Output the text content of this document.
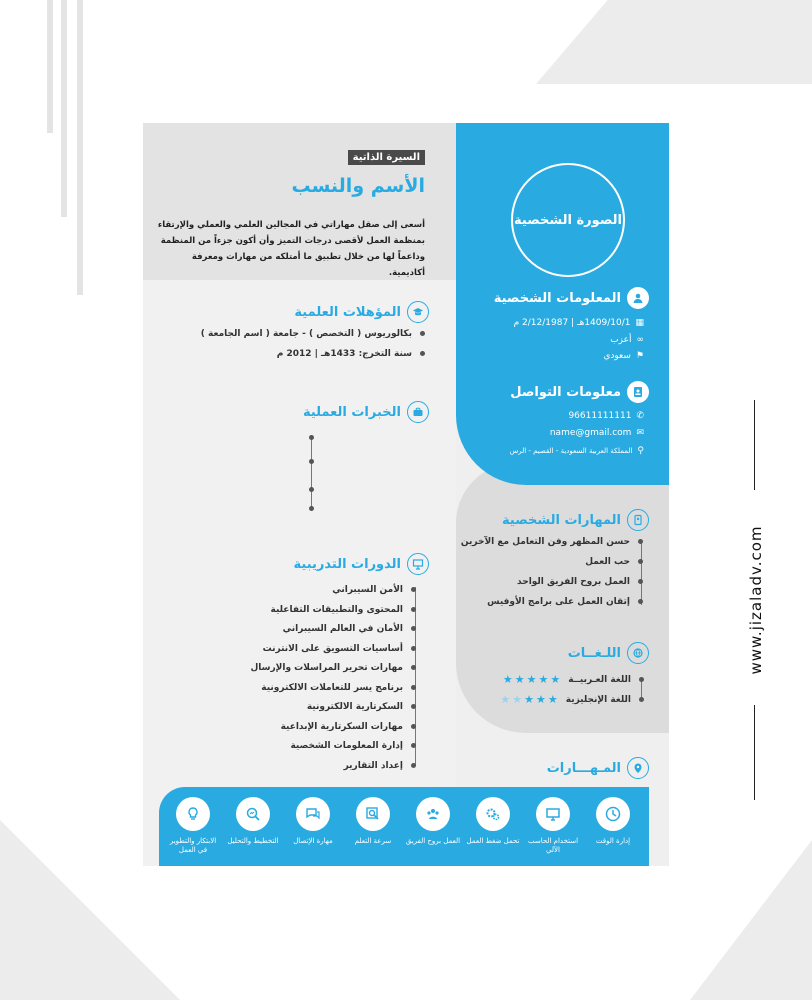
www.jizaladv.com
السيرة الذاتية
الأسم والنسب
أسعى إلى صقل مهاراتي في المجالين العلمي والعملي والإرتقاء بمنظمة العمل لأقصى درجات التميز وأن أكون جزءاً من المنظمة وداعماً لها من خلال تطبيق ما أمتلكه من مهارات ومعرفة أكاديمية.
الصورة الشخصية
المعلومات الشخصية
▦
1409/10/1هـ | 2/12/1987 م
∞
أعزب
⚑
سعودي
معلومات التواصل
✆
96611111111
✉
name@gmail.com
⚲
المملكة العربية السعودية - القصيم - الرس
المؤهلات العلمية
بكالوريوس ( التخصص ) - جامعة ( اسم الجامعة )
سنة التخرج: 1433هـ | 2012 م
الخبرات العملية
الدورات التدريبية
الأمن السيبراني
المحتوى والتطبيقات التفاعلية
الأمان في العالم السيبراني
أساسيات التسويق على الانترنت
مهارات تحرير المراسلات والإرسال
برنامج يسر للتعاملات الالكترونية
السكرتارية الالكترونية
مهارات السكرتارية الإبداعية
إدارة المعلومات الشخصية
إعداد التقارير
المهارات الشخصية
حسن المظهر وفن التعامل مع الآخرين
حب العمل
العمل بروح الفريق الواحد
إتقان العمل على برامج الأوفيس
اللـغــات
اللغة العـربيــة
★ ★ ★ ★ ★
اللغة الإنجليزية
★ ★ ★ ★ ★
المـهـــارات
إدارة الوقت
استخدام الحاسب الآلي
تحمل ضغط العمل
العمل بروح الفريق
سرعة التعلم
مهارة الإتصال
التخطيط والتحليل
الابتكار والتطوير في العمل
